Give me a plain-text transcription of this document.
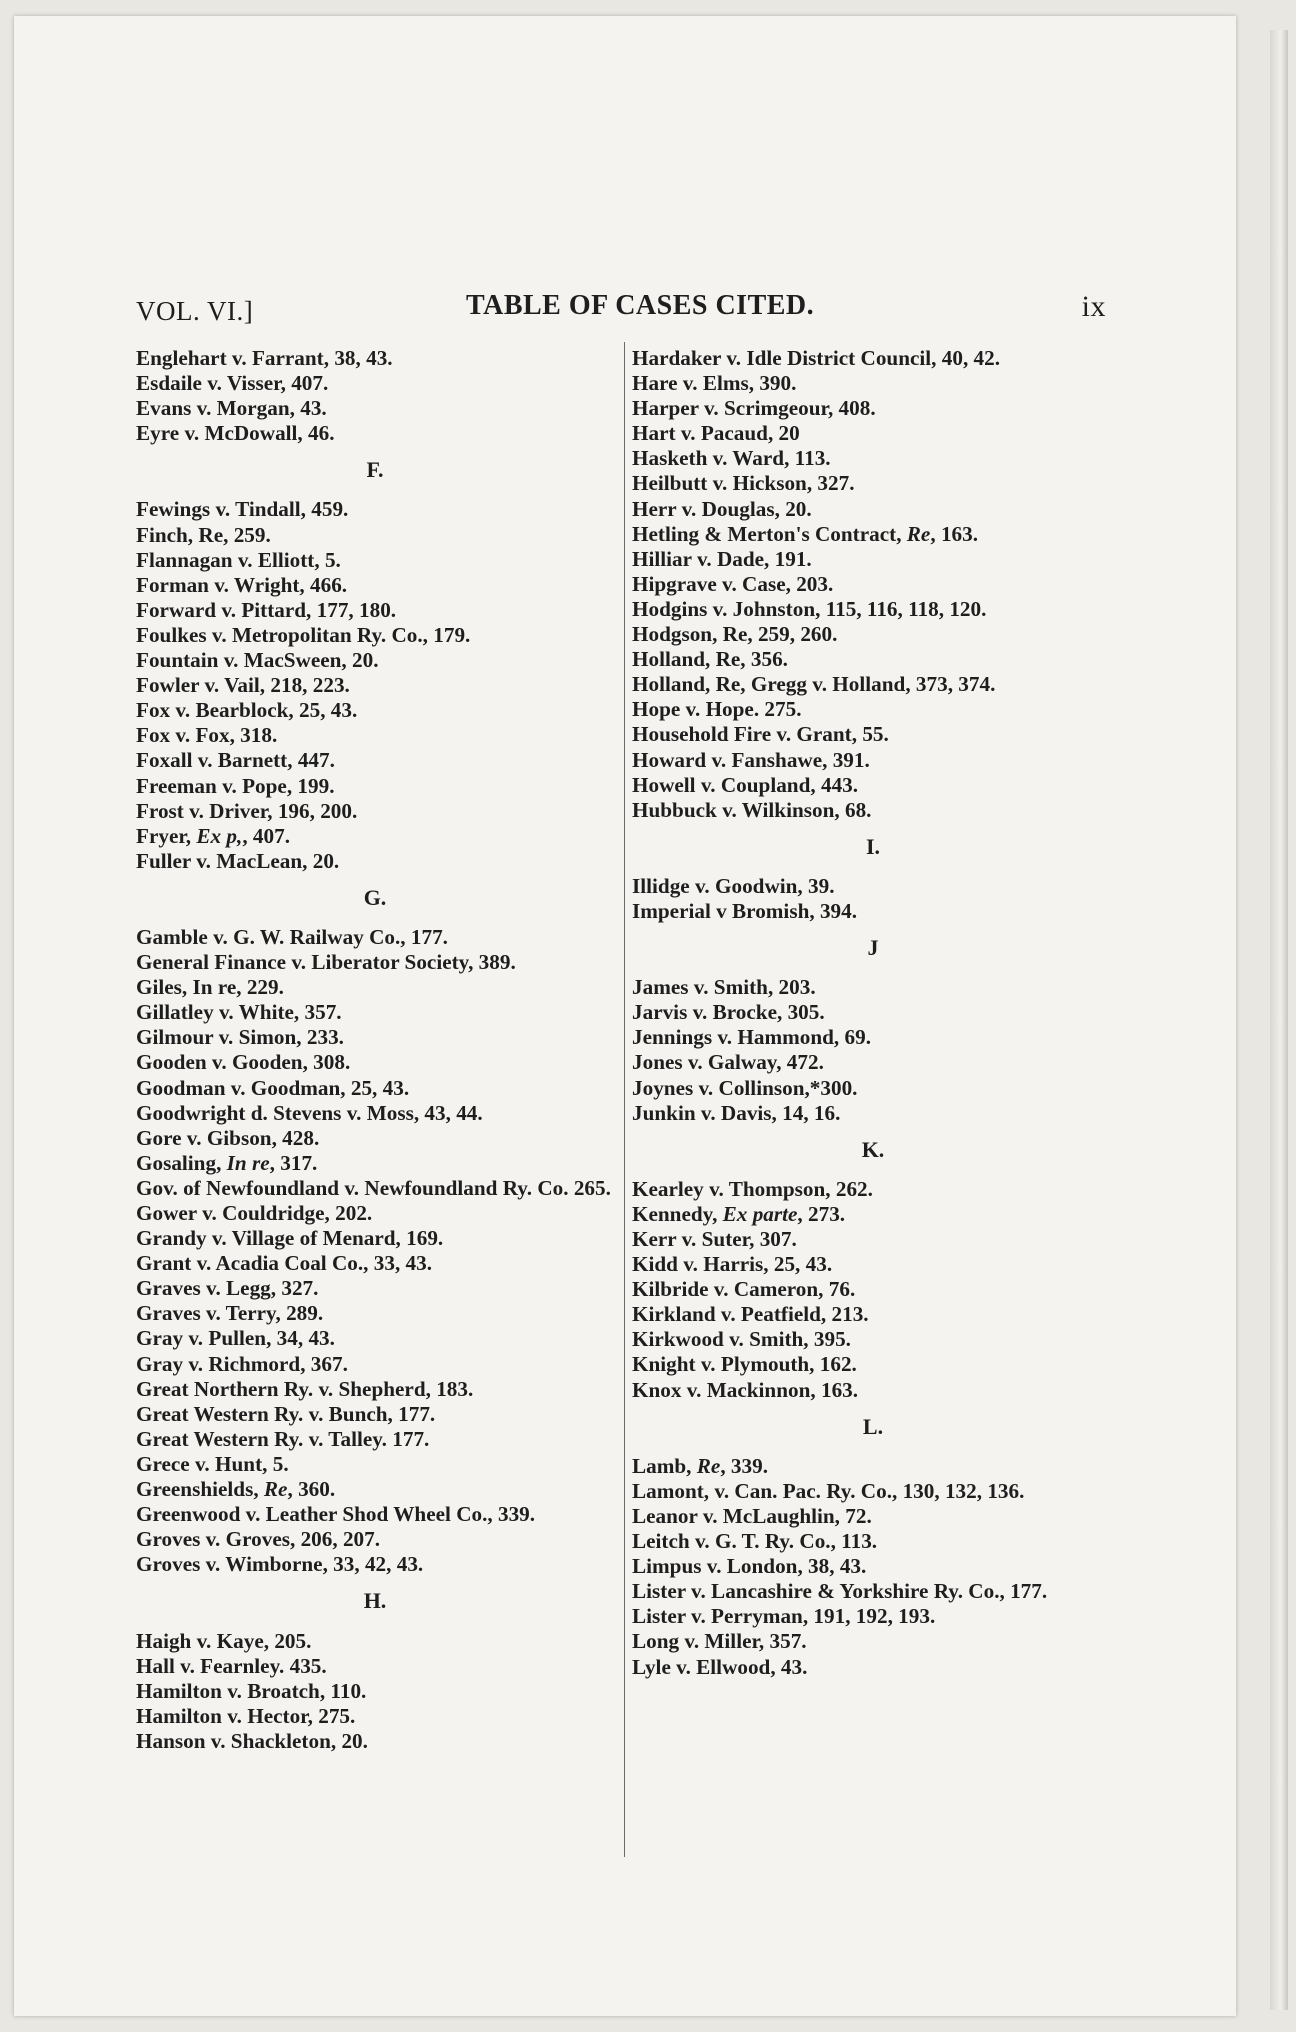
VOL. VI.]	TABLE OF CASES CITED.	ix
Englehart v. Farrant, 38, 43.
Esdaile v. Visser, 407.
Evans v. Morgan, 43.
Eyre v. McDowall, 46.
F.
Fewings v. Tindall, 459.
Finch, Re, 259.
Flannagan v. Elliott, 5.
Forman v. Wright, 466.
Forward v. Pittard, 177, 180.
Foulkes v. Metropolitan Ry. Co., 179.
Fountain v. MacSween, 20.
Fowler v. Vail, 218, 223.
Fox v. Bearblock, 25, 43.
Fox v. Fox, 318.
Foxall v. Barnett, 447.
Freeman v. Pope, 199.
Frost v. Driver, 196, 200.
Fryer, Ex p,, 407.
Fuller v. MacLean, 20.
G.
Gamble v. G. W. Railway Co., 177.
General Finance v. Liberator Society, 389.
Giles, In re, 229.
Gillatley v. White, 357.
Gilmour v. Simon, 233.
Gooden v. Gooden, 308.
Goodman v. Goodman, 25, 43.
Goodwright d. Stevens v. Moss, 43, 44.
Gore v. Gibson, 428.
Gosaling, In re, 317.
Gov. of Newfoundland v. Newfoundland Ry. Co. 265.
Gower v. Couldridge, 202.
Grandy v. Village of Menard, 169.
Grant v. Acadia Coal Co., 33, 43.
Graves v. Legg, 327.
Graves v. Terry, 289.
Gray v. Pullen, 34, 43.
Gray v. Richmord, 367.
Great Northern Ry. v. Shepherd, 183.
Great Western Ry. v. Bunch, 177.
Great Western Ry. v. Talley. 177.
Grece v. Hunt, 5.
Greenshields, Re, 360.
Greenwood v. Leather Shod Wheel Co., 339.
Groves v. Groves, 206, 207.
Groves v. Wimborne, 33, 42, 43.
H.
Haigh v. Kaye, 205.
Hall v. Fearnley. 435.
Hamilton v. Broatch, 110.
Hamilton v. Hector, 275.
Hanson v. Shackleton, 20.
Hardaker v. Idle District Council, 40, 42.
Hare v. Elms, 390.
Harper v. Scrimgeour, 408.
Hart v. Pacaud, 20
Hasketh v. Ward, 113.
Heilbutt v. Hickson, 327.
Herr v. Douglas, 20.
Hetling & Merton's Contract, Re, 163.
Hilliar v. Dade, 191.
Hipgrave v. Case, 203.
Hodgins v. Johnston, 115, 116, 118, 120.
Hodgson, Re, 259, 260.
Holland, Re, 356.
Holland, Re, Gregg v. Holland, 373, 374.
Hope v. Hope. 275.
Household Fire v. Grant, 55.
Howard v. Fanshawe, 391.
Howell v. Coupland, 443.
Hubbuck v. Wilkinson, 68.
I.
Illidge v. Goodwin, 39.
Imperial v Bromish, 394.
J
James v. Smith, 203.
Jarvis v. Brocke, 305.
Jennings v. Hammond, 69.
Jones v. Galway, 472.
Joynes v. Collinson,*300.
Junkin v. Davis, 14, 16.
K.
Kearley v. Thompson, 262.
Kennedy, Ex parte, 273.
Kerr v. Suter, 307.
Kidd v. Harris, 25, 43.
Kilbride v. Cameron, 76.
Kirkland v. Peatfield, 213.
Kirkwood v. Smith, 395.
Knight v. Plymouth, 162.
Knox v. Mackinnon, 163.
L.
Lamb, Re, 339.
Lamont, v. Can. Pac. Ry. Co., 130, 132, 136.
Leanor v. McLaughlin, 72.
Leitch v. G. T. Ry. Co., 113.
Limpus v. London, 38, 43.
Lister v. Lancashire & Yorkshire Ry. Co., 177.
Lister v. Perryman, 191, 192, 193.
Long v. Miller, 357.
Lyle v. Ellwood, 43.
